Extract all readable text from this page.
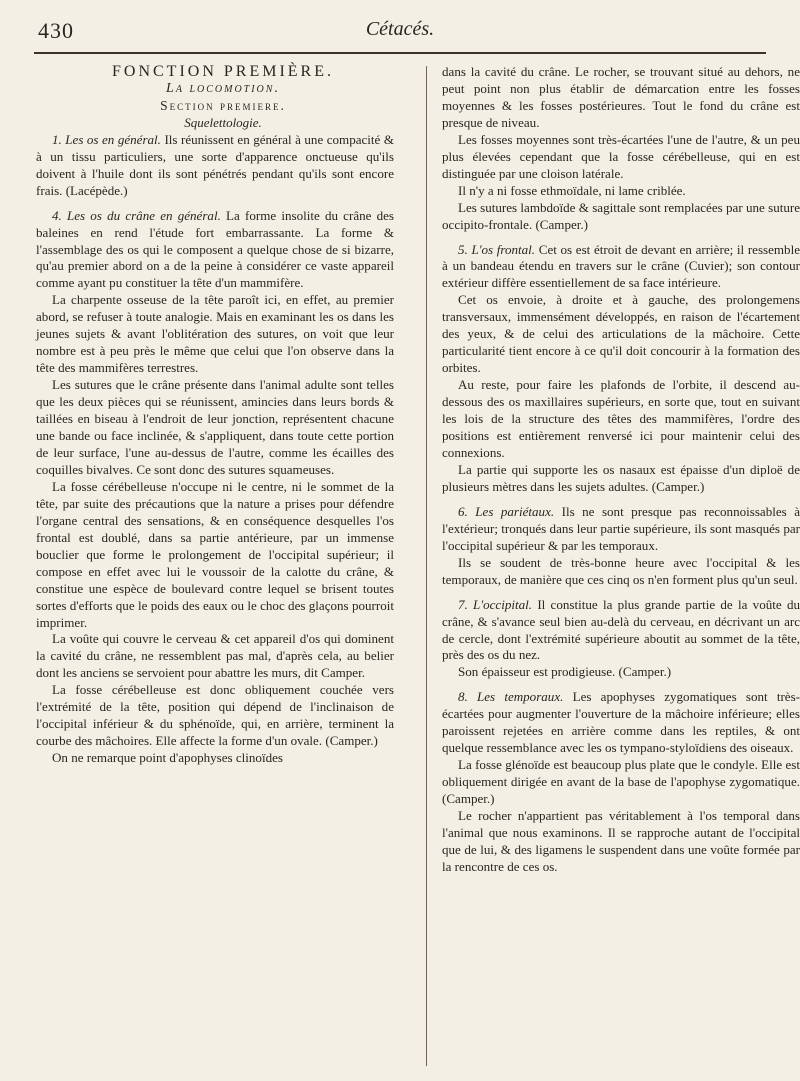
430	Cétacés.

FONCTION PREMIÈRE.

La locomotion.

Section premiere.

Squelettologie.

1. Les os en général. Ils réunissent en général à une compacité & à un tissu particuliers, une sorte d'apparence onctueuse qu'ils doivent à l'huile dont ils sont pénétrés pendant qu'ils sont encore frais. (Lacépède.)

4. Les os du crâne en général. La forme insolite du crâne des baleines en rend l'étude fort embarrassante. La forme & l'assemblage des os qui le composent a quelque chose de si bizarre, qu'au premier abord on a de la peine à considérer ce vaste appareil comme ayant pu constituer la tête d'un mammifère.

La charpente osseuse de la tête paroît ici, en effet, au premier abord, se refuser à toute analogie. Mais en examinant les os dans les jeunes sujets & avant l'oblitération des sutures, on voit que leur nombre est à peu près le même que celui que l'on observe dans la tête des mammifères terrestres.

Les sutures que le crâne présente dans l'animal adulte sont telles que les deux pièces qui se réunissent, amincies dans leurs bords & taillées en biseau à l'endroit de leur jonction, représentent chacune une bande ou face inclinée, & s'appliquent, dans toute cette portion de leur surface, l'une au-dessus de l'autre, comme les écailles des coquilles bivalves. Ce sont donc des sutures squameuses.

La fosse cérébelleuse n'occupe ni le centre, ni le sommet de la tête, par suite des précautions que la nature a prises pour défendre l'organe central des sensations, & en conséquence desquelles l'os frontal est doublé, dans sa partie antérieure, par un immense bouclier que forme le prolongement de l'occipital supérieur; il compose en effet avec lui le voussoir de la calotte du crâne, & constitue une espèce de boulevard contre lequel se brisent toutes sortes d'efforts que le poids des eaux ou le choc des glaçons pourroit imprimer.

La voûte qui couvre le cerveau & cet appareil d'os qui dominent la cavité du crâne, ne ressemblent pas mal, d'après cela, au belier dont les anciens se servoient pour abattre les murs, dit Camper.

La fosse cérébelleuse est donc obliquement couchée vers l'extrémité de la tête, position qui dépend de l'inclinaison de l'occipital inférieur & du sphénoïde, qui, en arrière, terminent la courbe des mâchoires. Elle affecte la forme d'un ovale. (Camper.)

On ne remarque point d'apophyses clinoïdes

dans la cavité du crâne. Le rocher, se trouvant situé au dehors, ne peut point non plus établir de démarcation entre les fosses moyennes & les fosses postérieures. Tout le fond du crâne est presque de niveau.

Les fosses moyennes sont très-écartées l'une de l'autre, & un peu plus élevées cependant que la fosse cérébelleuse, qui en est distinguée par une cloison latérale.

Il n'y a ni fosse ethmoïdale, ni lame criblée.

Les sutures lambdoïde & sagittale sont remplacées par une suture occipito-frontale. (Camper.)

5. L'os frontal. Cet os est étroit de devant en arrière; il ressemble à un bandeau étendu en travers sur le crâne (Cuvier); son contour extérieur diffère essentiellement de sa face intérieure.

Cet os envoie, à droite et à gauche, des prolongemens transversaux, immensément développés, en raison de l'écartement des yeux, & de celui des articulations de la mâchoire. Cette particularité tient encore à ce qu'il doit concourir à la formation des orbites.

Au reste, pour faire les plafonds de l'orbite, il descend au-dessous des os maxillaires supérieurs, en sorte que, tout en suivant les lois de la structure des têtes des mammifères, l'ordre des positions est entièrement renversé ici pour maintenir celui des connexions.

La partie qui supporte les os nasaux est épaisse d'un diploë de plusieurs mètres dans les sujets adultes. (Camper.)

6. Les pariétaux. Ils ne sont presque pas reconnoissables à l'extérieur; tronqués dans leur partie supérieure, ils sont masqués par l'occipital supérieur & par les temporaux.

Ils se soudent de très-bonne heure avec l'occipital & les temporaux, de manière que ces cinq os n'en forment plus qu'un seul.

7. L'occipital. Il constitue la plus grande partie de la voûte du crâne, & s'avance seul bien au-delà du cerveau, en décrivant un arc de cercle, dont l'extrémité supérieure aboutit au sommet de la tête, près des os du nez.

Son épaisseur est prodigieuse. (Camper.)

8. Les temporaux. Les apophyses zygomatiques sont très-écartées pour augmenter l'ouverture de la mâchoire inférieure; elles paroissent rejetées en arrière comme dans les reptiles, & ont quelque ressemblance avec les os tympano-styloïdiens des oiseaux.

La fosse glénoïde est beaucoup plus plate que le condyle. Elle est obliquement dirigée en avant de la base de l'apophyse zygomatique. (Camper.)

Le rocher n'appartient pas véritablement à l'os temporal dans l'animal que nous examinons. Il se rapproche autant de l'occipital que de lui, & des ligamens le suspendent dans une voûte formée par la rencontre de ces os.
